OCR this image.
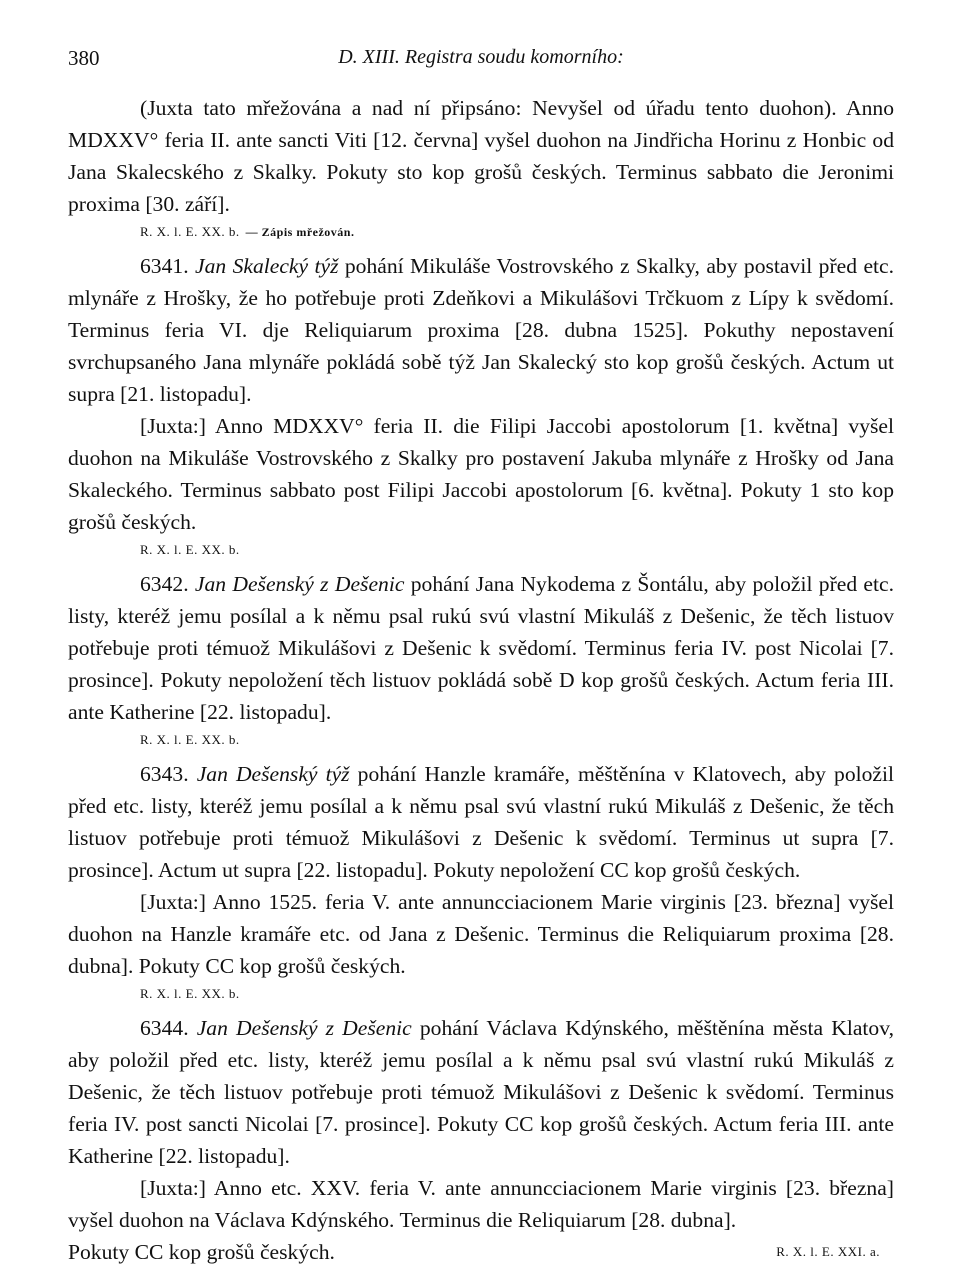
380	D. XIII. Registra soudu komorního:

(Juxta tato mřežována a nad ní připsáno: Nevyšel od úřadu tento duohon). Anno MDXXV° feria II. ante sancti Viti [12. června] vyšel duohon na Jindřicha Horinu z Honbic od Jana Skalecského z Skalky. Pokuty sto kop grošů českých. Terminus sabbato die Jeronimi proxima [30. září].

R. X. l. E. XX. b. — Zápis mřežován.

6341. Jan Skalecký týž pohání Mikuláše Vostrovského z Skalky, aby postavil před etc. mlynáře z Hrošky, že ho potřebuje proti Zdeňkovi a Mikulášovi Trčkuom z Lípy k svědomí. Terminus feria VI. dje Reliquiarum proxima [28. dubna 1525]. Pokuthy nepostavení svrchupsaného Jana mlynáře pokládá sobě týž Jan Skalecký sto kop grošů českých. Actum ut supra [21. listopadu].

[Juxta:] Anno MDXXV° feria II. die Filipi Jaccobi apostolorum [1. května] vyšel duohon na Mikuláše Vostrovského z Skalky pro postavení Jakuba mlynáře z Hrošky od Jana Skaleckého. Terminus sabbato post Filipi Jaccobi apostolorum [6. května]. Pokuty 1 sto kop grošů českých.

R. X. l. E. XX. b.

6342. Jan Dešenský z Dešenic pohání Jana Nykodema z Šontálu, aby položil před etc. listy, kteréž jemu posílal a k němu psal rukú svú vlastní Mikuláš z Dešenic, že těch listuov potřebuje proti témuož Mikulášovi z Dešenic k svědomí. Terminus feria IV. post Nicolai [7. prosince]. Pokuty nepoložení těch listuov pokládá sobě D kop grošů českých. Actum feria III. ante Katherine [22. listopadu].

R. X. l. E. XX. b.

6343. Jan Dešenský týž pohání Hanzle kramáře, měštěnína v Klatovech, aby položil před etc. listy, kteréž jemu posílal a k němu psal svú vlastní rukú Mikuláš z Dešenic, že těch listuov potřebuje proti témuož Mikulášovi z Dešenic k svědomí. Terminus ut supra [7. prosince]. Actum ut supra [22. listopadu]. Pokuty nepoložení CC kop grošů českých.

[Juxta:] Anno 1525. feria V. ante annuncciacionem Marie virginis [23. března] vyšel duohon na Hanzle kramáře etc. od Jana z Dešenic. Terminus die Reliquiarum proxima [28. dubna]. Pokuty CC kop grošů českých.

R. X. l. E. XX. b.

6344. Jan Dešenský z Dešenic pohání Václava Kdýnského, měštěnína města Klatov, aby položil před etc. listy, kteréž jemu posílal a k němu psal svú vlastní rukú Mikuláš z Dešenic, že těch listuov potřebuje proti témuož Mikulášovi z Dešenic k svědomí. Terminus feria IV. post sancti Nicolai [7. prosince]. Pokuty CC kop grošů českých. Actum feria III. ante Katherine [22. listopadu].

[Juxta:] Anno etc. XXV. feria V. ante annuncciacionem Marie virginis [23. března] vyšel duohon na Václava Kdýnského. Terminus die Reliquiarum [28. dubna].

Pokuty CC kop grošů českých.	R. X. l. E. XXI. a.
